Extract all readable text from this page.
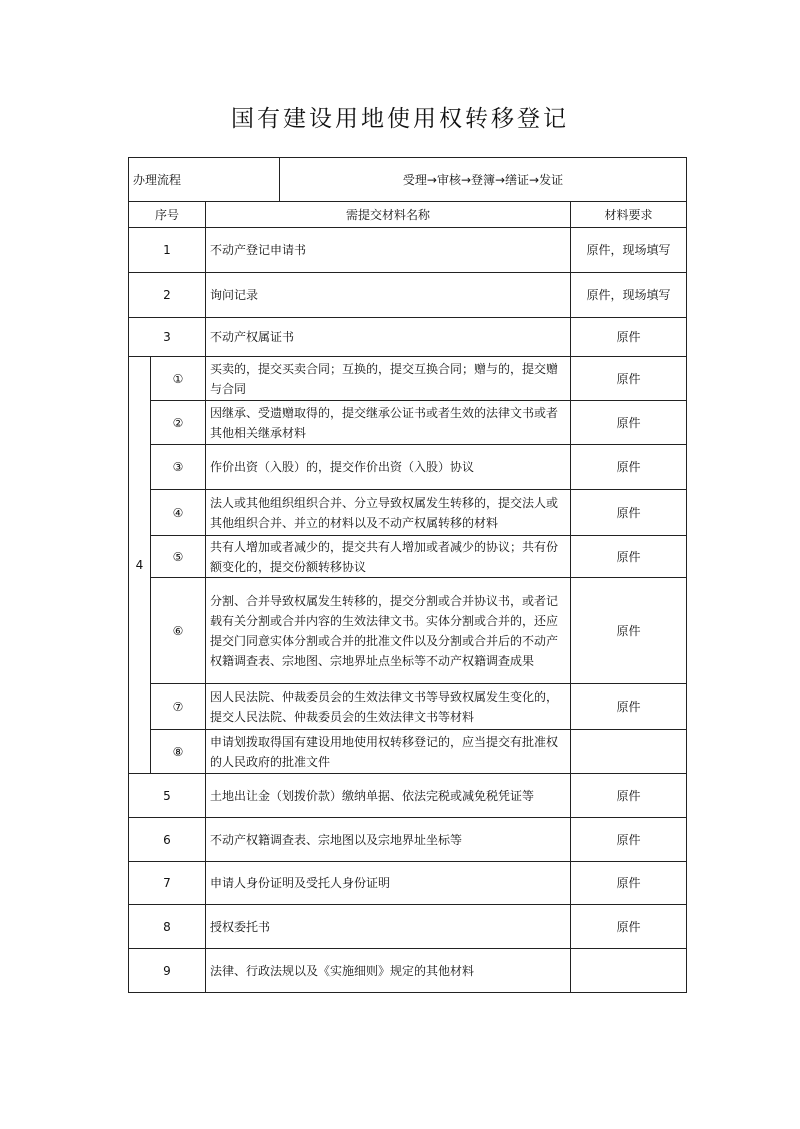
国有建设用地使用权转移登记
办理流程			受理→审核→登簿→缮证→发证	
序号		需提交材料名称		材料要求
1		不动产登记申请书		原件，现场填写
2		询问记录		原件，现场填写
3		不动产权属证书		原件
4	①	买卖的，提交买卖合同；互换的，提交互换合同；赠与的，提交赠与合同		原件
	②	因继承、受遗赠取得的，提交继承公证书或者生效的法律文书或者其他相关继承材料		原件
	③	作价出资（入股）的，提交作价出资（入股）协议		原件
	④	法人或其他组织组织合并、分立导致权属发生转移的，提交法人或其他组织合并、并立的材料以及不动产权属转移的材料		原件
	⑤	共有人增加或者减少的，提交共有人增加或者减少的协议；共有份额变化的，提交份额转移协议		原件
	⑥	分割、合并导致权属发生转移的，提交分割或合并协议书，或者记载有关分割或合并内容的生效法律文书。实体分割或合并的，还应提交门同意实体分割或合并的批准文件以及分割或合并后的不动产权籍调查表、宗地图、宗地界址点坐标等不动产权籍调查成果		原件
	⑦	因人民法院、仲裁委员会的生效法律文书等导致权属发生变化的，提交人民法院、仲裁委员会的生效法律文书等材料		原件
	⑧	申请划拨取得国有建设用地使用权转移登记的，应当提交有批准权的人民政府的批准文件		
5		土地出让金（划拨价款）缴纳单据、依法完税或减免税凭证等		原件
6		不动产权籍调查表、宗地图以及宗地界址坐标等		原件
7		申请人身份证明及受托人身份证明		原件
8		授权委托书		原件
9		法律、行政法规以及《实施细则》规定的其他材料		
